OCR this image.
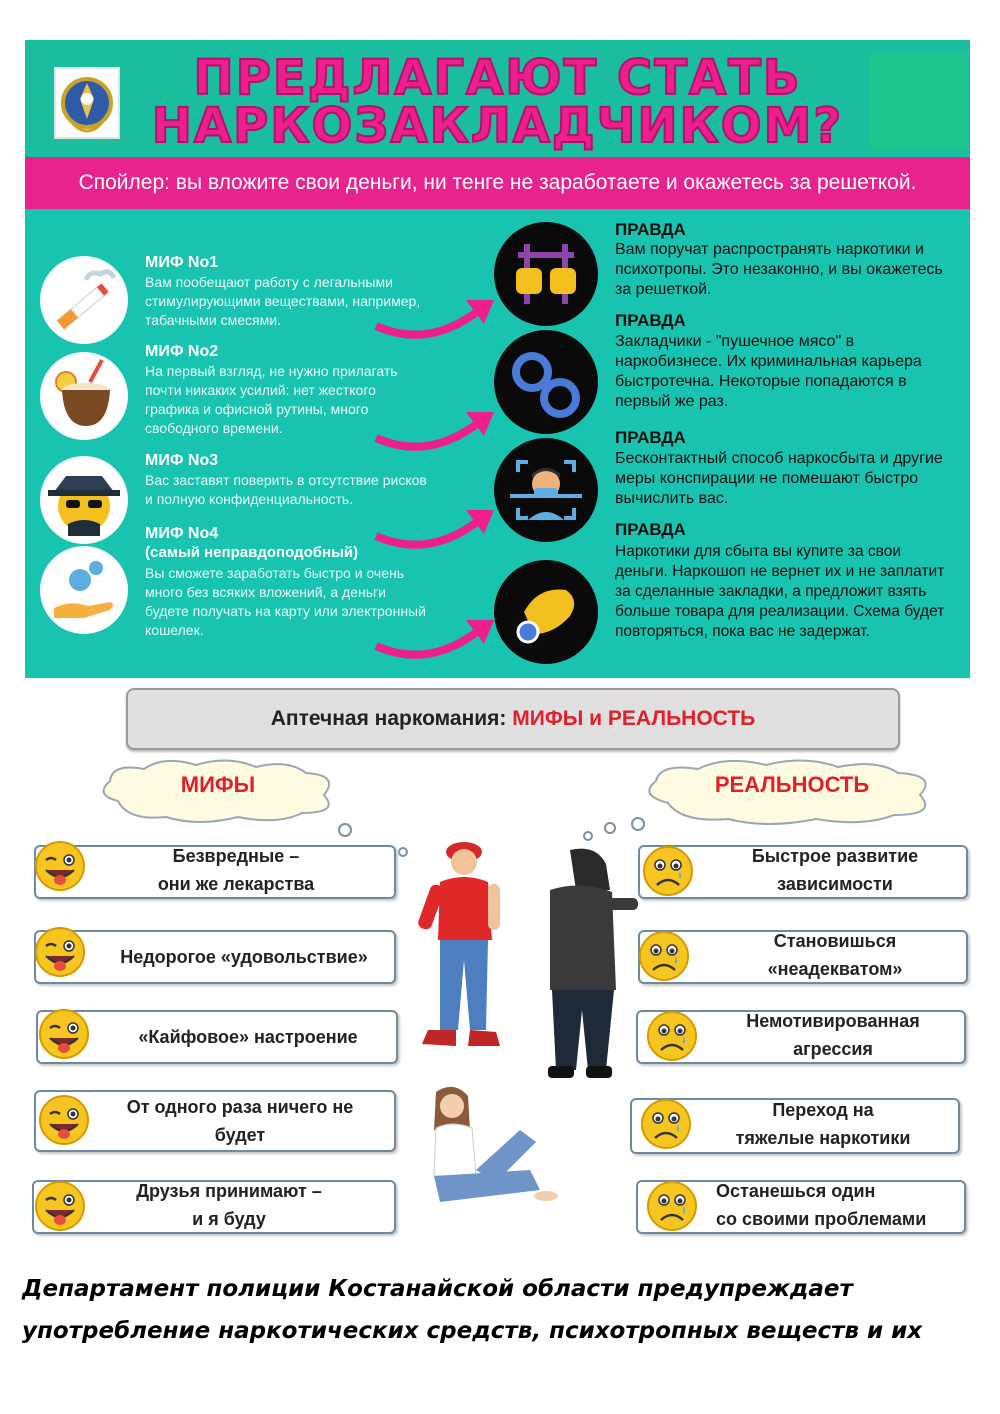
ПРЕДЛАГАЮТ СТАТЬ
НАРКОЗАКЛАДЧИКОМ?
Спойлер: вы вложите свои деньги, ни тенге не заработаете и окажетесь за решеткой.
МИФ No1
Вам пообещают работу с легальными стимулирующими веществами, например, табачными смесями.
МИФ No2
На первый взгляд, не нужно прилагать почти никаких усилий: нет жесткого графика и офисной рутины, много свободного времени.
МИФ No3
Вас заставят поверить в отсутствие рисков и полную конфиденциальность.
МИФ No4
(самый неправдоподобный)
Вы сможете заработать быстро и очень много без всяких вложений, а деньги будете получать на карту или электронный кошелек.
ПРАВДА
Вам поручат распространять наркотики и психотропы. Это незаконно, и вы окажетесь за решеткой.
ПРАВДА
Закладчики - "пушечное мясо" в наркобизнесе. Их криминальная карьера быстротечна. Некоторые попадаются в первый же раз.
ПРАВДА
Бесконтактный способ наркосбыта и другие меры конспирации не помешают быстро вычислить вас.
ПРАВДА
Наркотики для сбыта вы купите за свои деньги. Наркошоп не вернет их и не заплатит за сделанные закладки, а предложит взять больше товара для реализации. Схема будет повторяться, пока вас не задержат.
Аптечная наркомания: МИФЫ и РЕАЛЬНОСТЬ
МИФЫ	РЕАЛЬНОСТЬ
Безвредные –
они же лекарства
Недорогое «удовольствие»
«Кайфовое» настроение
От одного раза ничего не
будет
Друзья принимают –
и я буду
Быстрое развитие
зависимости
Становишься
«неадекватом»
Немотивированная
агрессия
Переход на
тяжелые наркотики
Останешься один
со своими проблемами
Департамент полиции Костанайской области предупреждает
употребление наркотических средств, психотропных веществ и их
